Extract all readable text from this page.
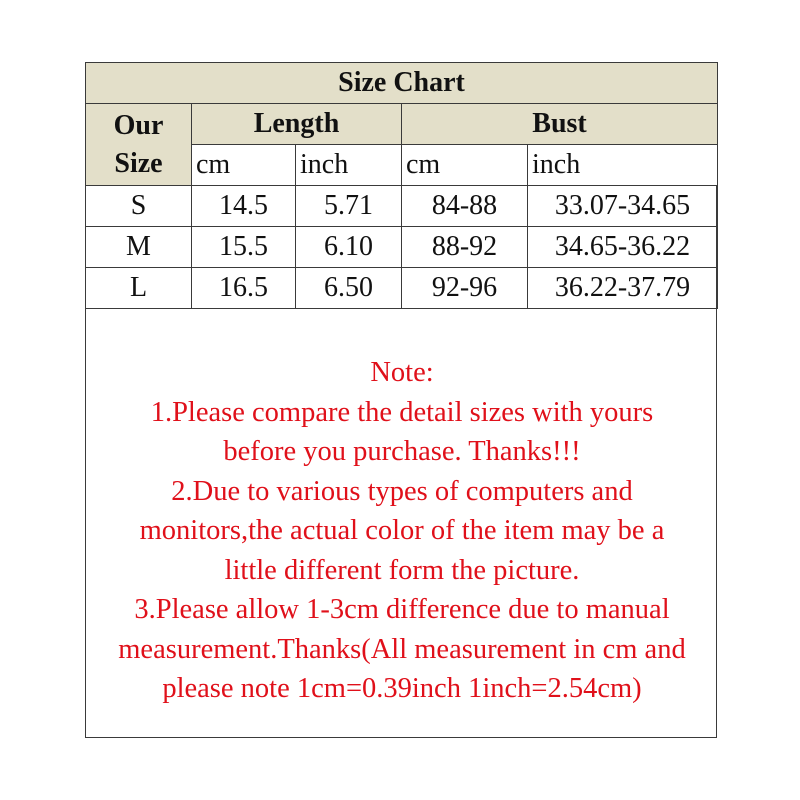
Size Chart				
Our
Size	Length		Bust	
	cm	inch	cm	inch
S	14.5	5.71	84-88	33.07-34.65
M	15.5	6.10	88-92	34.65-36.22
L	16.5	6.50	92-96	36.22-37.79
Note:
1.Please compare the detail sizes with yours
before you purchase. Thanks!!!
2.Due to various types of computers and
monitors,the actual color of the item may be a
little different form the picture.
3.Please allow 1-3cm difference due to manual
measurement.Thanks(All measurement in cm and
please note 1cm=0.39inch 1inch=2.54cm)
